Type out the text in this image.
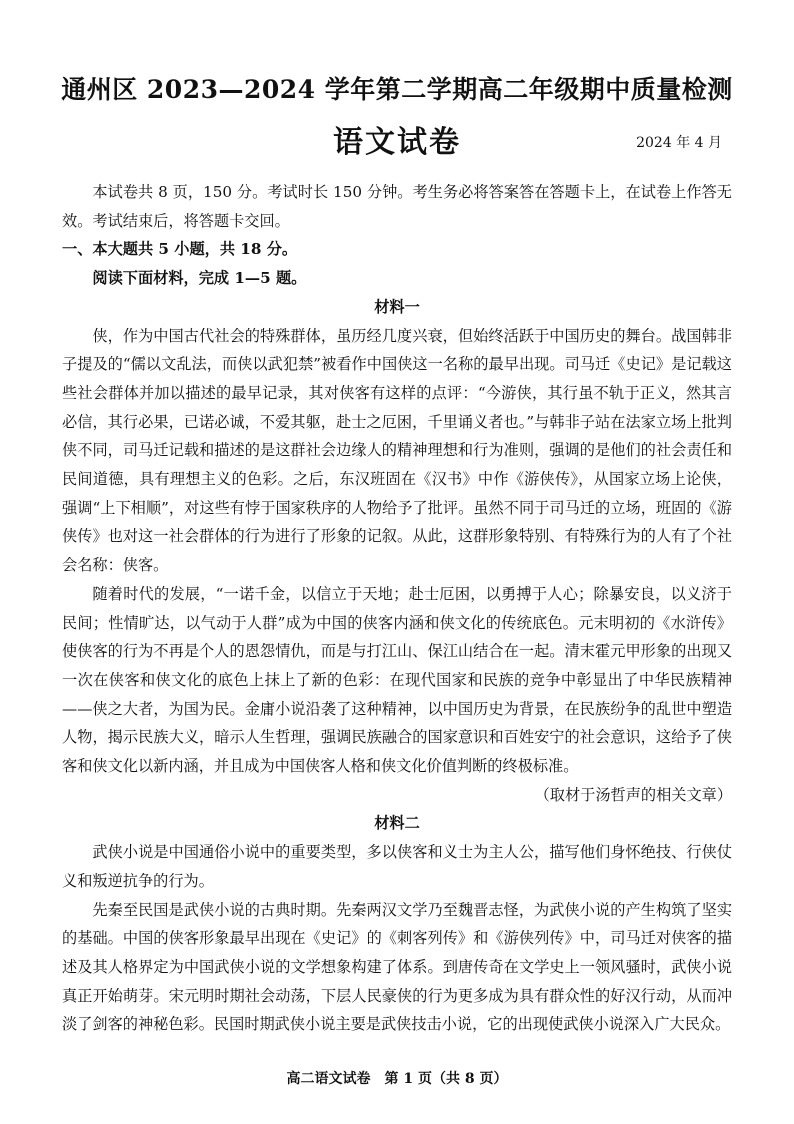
通州区 2023—2024 学年第二学期高二年级期中质量检测
语文试卷	2024 年 4 月

本试卷共 8 页，150 分。考试时长 150 分钟。考生务必将答案答在答题卡上，在试卷上作答无效。考试结束后，将答题卡交回。

一、本大题共 5 小题，共 18 分。

阅读下面材料，完成 1—5 题。

材料一

侠，作为中国古代社会的特殊群体，虽历经几度兴衰，但始终活跃于中国历史的舞台。战国韩非子提及的“儒以文乱法，而侠以武犯禁”被看作中国侠这一名称的最早出现。司马迁《史记》是记载这些社会群体并加以描述的最早记录，其对侠客有这样的点评：“今游侠，其行虽不轨于正义，然其言必信，其行必果，已诺必诚，不爱其躯，赴士之厄困，千里诵义者也。”与韩非子站在法家立场上批判侠不同，司马迁记载和描述的是这群社会边缘人的精神理想和行为准则，强调的是他们的社会责任和民间道德，具有理想主义的色彩。之后，东汉班固在《汉书》中作《游侠传》，从国家立场上论侠，强调“上下相顺”，对这些有悖于国家秩序的人物给予了批评。虽然不同于司马迁的立场，班固的《游侠传》也对这一社会群体的行为进行了形象的记叙。从此，这群形象特别、有特殊行为的人有了个社会名称：侠客。

随着时代的发展，“一诺千金，以信立于天地；赴士厄困，以勇搏于人心；除暴安良，以义济于民间；性情旷达，以气动于人群”成为中国的侠客内涵和侠文化的传统底色。元末明初的《水浒传》使侠客的行为不再是个人的恩怨情仇，而是与打江山、保江山结合在一起。清末霍元甲形象的出现又一次在侠客和侠文化的底色上抹上了新的色彩：在现代国家和民族的竞争中彰显出了中华民族精神——侠之大者，为国为民。金庸小说沿袭了这种精神，以中国历史为背景，在民族纷争的乱世中塑造人物，揭示民族大义，暗示人生哲理，强调民族融合的国家意识和百姓安宁的社会意识，这给予了侠客和侠文化以新内涵，并且成为中国侠客人格和侠文化价值判断的终极标准。

（取材于汤哲声的相关文章）

材料二

武侠小说是中国通俗小说中的重要类型，多以侠客和义士为主人公，描写他们身怀绝技、行侠仗义和叛逆抗争的行为。

先秦至民国是武侠小说的古典时期。先秦两汉文学乃至魏晋志怪，为武侠小说的产生构筑了坚实的基础。中国的侠客形象最早出现在《史记》的《刺客列传》和《游侠列传》中，司马迁对侠客的描述及其人格界定为中国武侠小说的文学想象构建了体系。到唐传奇在文学史上一领风骚时，武侠小说真正开始萌芽。宋元明时期社会动荡，下层人民豪侠的行为更多成为具有群众性的好汉行动，从而冲淡了剑客的神秘色彩。民国时期武侠小说主要是武侠技击小说，它的出现使武侠小说深入广大民众。

高二语文试卷　第 1 页（共 8 页）
